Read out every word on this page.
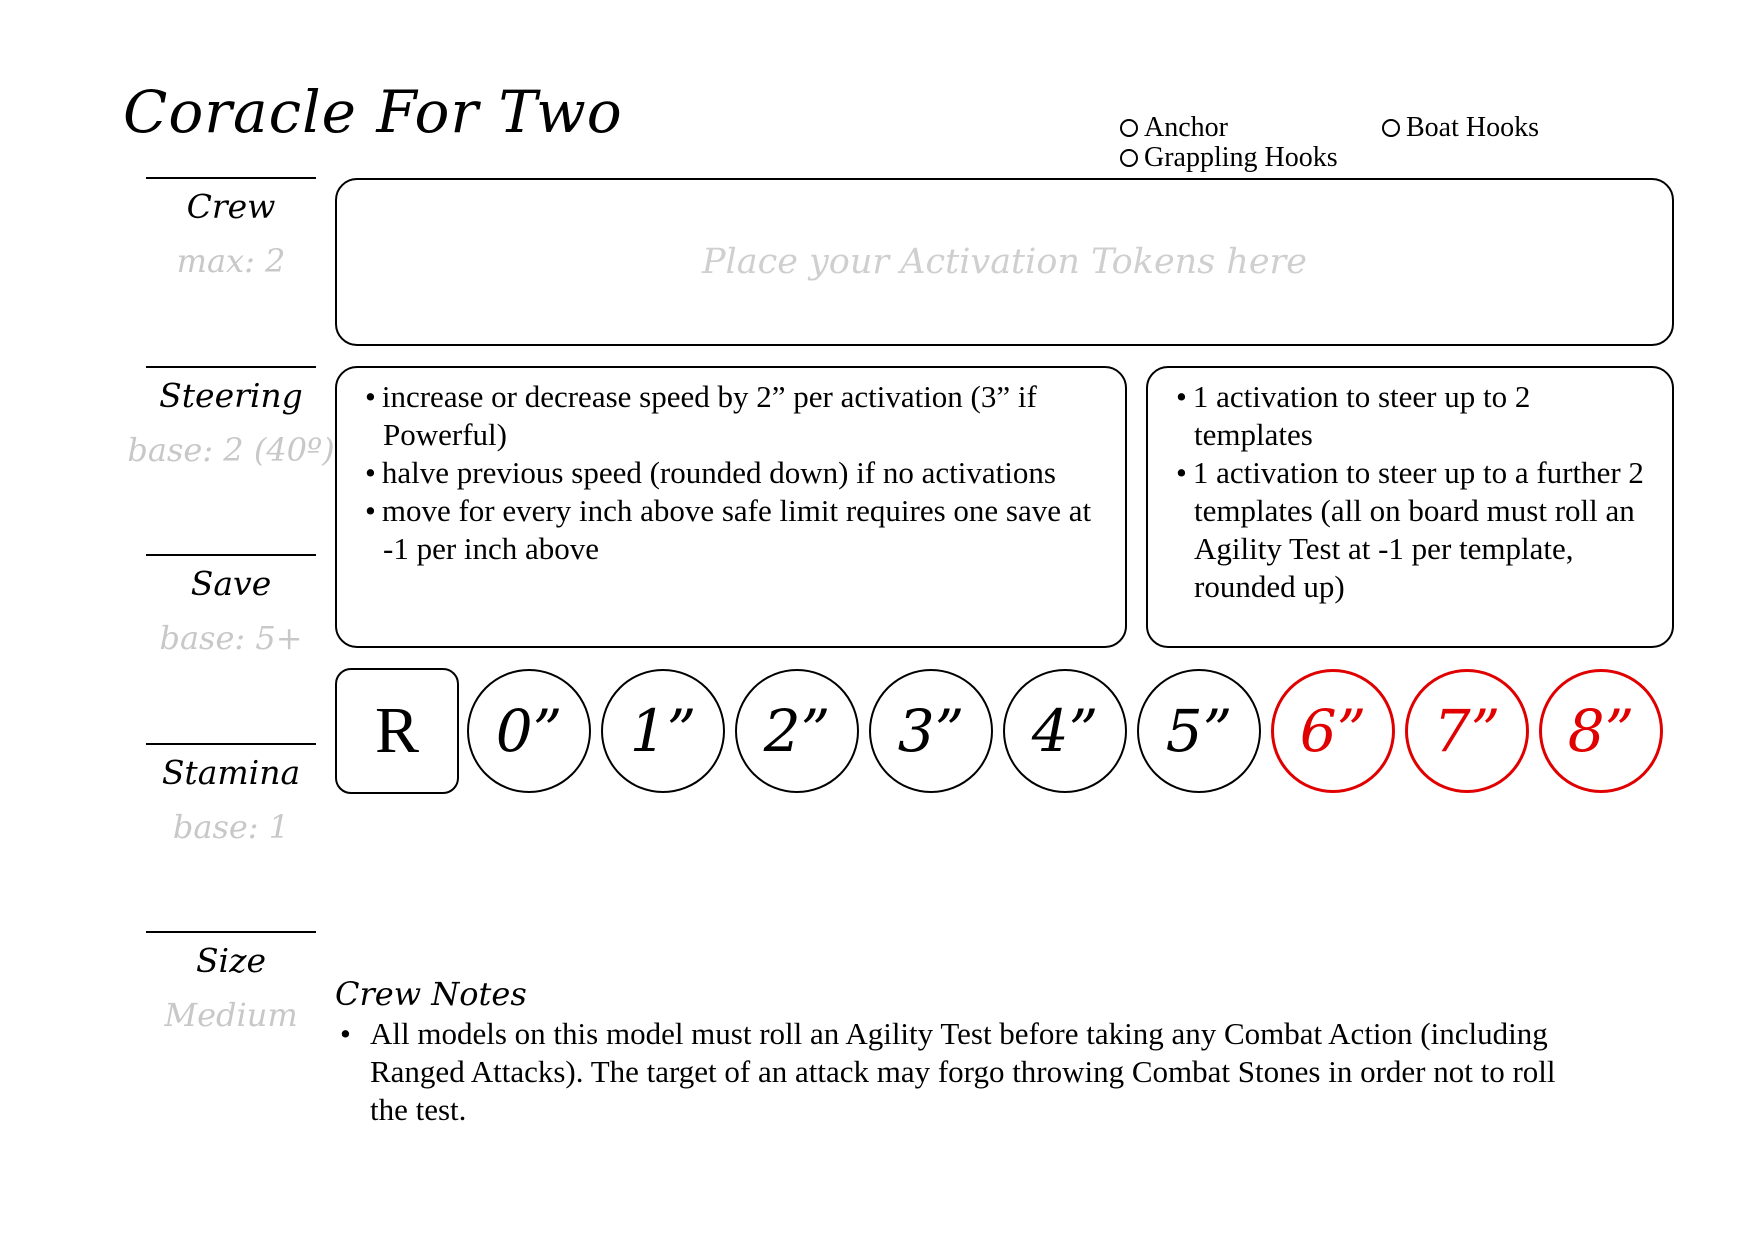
Coracle For Two	Anchor	Boat Hooks
Grappling Hooks
Crew
max: 2
Steering
base: 2 (40º)
Save
base: 5+
Stamina
base: 1
Size
Medium
Place your Activation Tokens here
• increase or decrease speed by 2” per activation (3” if Powerful)
• halve previous speed (rounded down) if no activations
• move for every inch above safe limit requires one save at -1 per inch above
• 1 activation to steer up to 2 templates
• 1 activation to steer up to a further 2 templates (all on board must roll an Agility Test at -1 per template, rounded up)
R	0”	1”	2”	3”	4”	5”	6”	7”	8”
Crew Notes
• All models on this model must roll an Agility Test before taking any Combat Action (including Ranged Attacks). The target of an attack may forgo throwing Combat Stones in order not to roll the test.
